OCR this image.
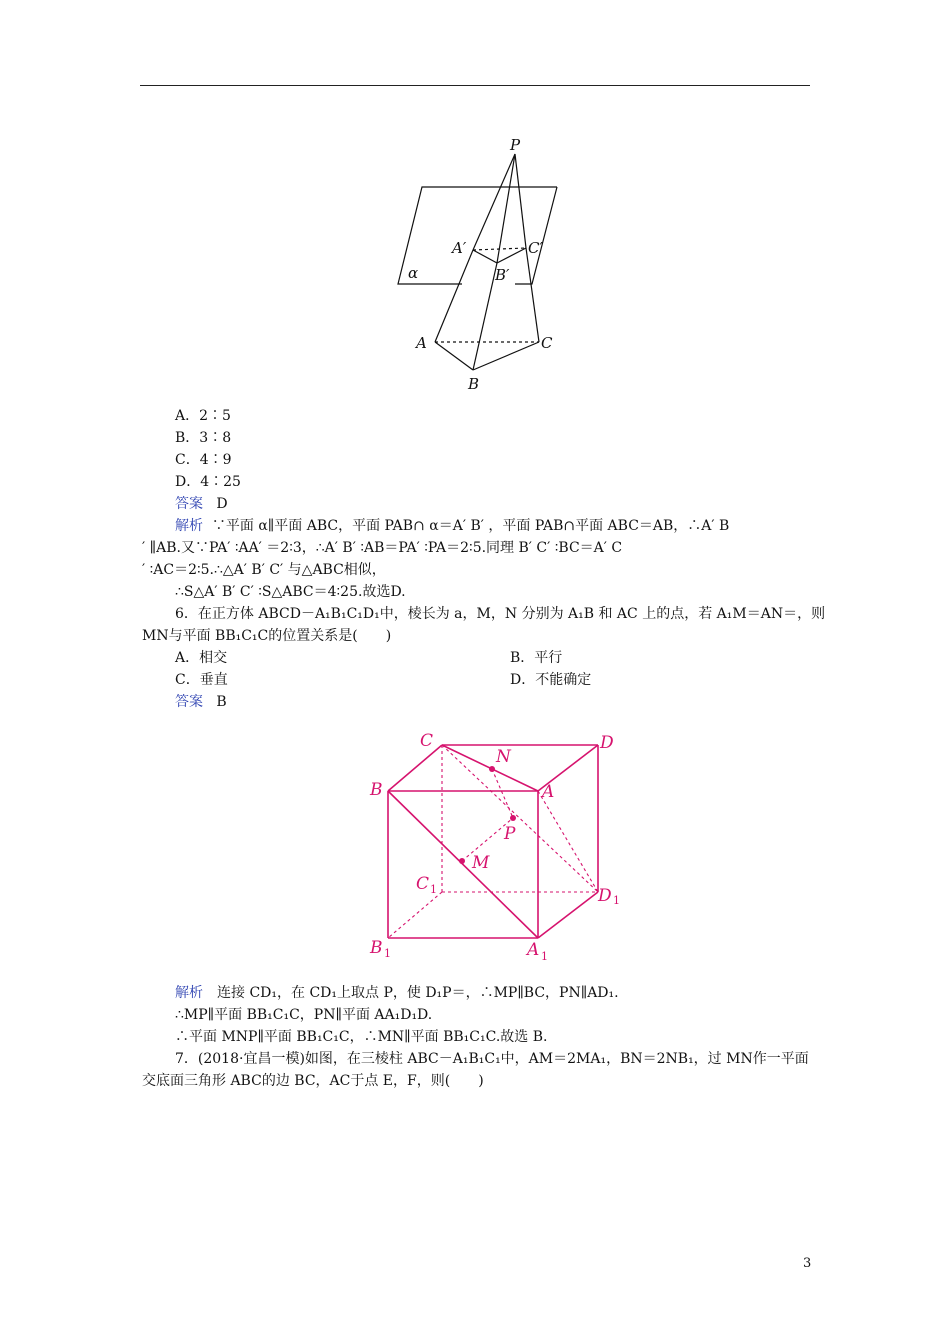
P
A′
B′
C′
α
A
B
C
A．2∶5
B．3∶8
C．4∶9
D．4∶25
答案 D
解析 ∵平面 α∥平面 ABC，平面 PAB∩ α＝A′ B′ ，平面 PAB∩平面 ABC＝AB，∴A′ B
′ ∥AB.又∵PA′ ∶AA′ ＝2∶3，∴A′ B′ ∶AB＝PA′ ∶PA＝2∶5.同理 B′ C′ ∶BC＝A′ C
′ ∶AC＝2∶5.∴△A′ B′ C′ 与△ABC相似，
∴S△A′ B′ C′ ∶S△ABC＝4∶25.故选D.
6．在正方体 ABCD－A₁B₁C₁D₁中，棱长为 a，M，N 分别为 A₁B 和 AC 上的点，若 A₁M＝AN＝，则
MN与平面 BB₁C₁C的位置关系是(　　)
A．相交	B．平行
C．垂直	D．不能确定
答案 B
C	D
N
B	A
P
M
C
D
B	A
1
1
1	1
解析　连接 CD₁，在 CD₁上取点 P，使 D₁P＝，∴MP∥BC，PN∥AD₁.
∴MP∥平面 BB₁C₁C，PN∥平面 AA₁D₁D.
∴平面 MNP∥平面 BB₁C₁C，∴MN∥平面 BB₁C₁C.故选 B.
7．(2018·宜昌一模)如图，在三棱柱 ABC－A₁B₁C₁中，AM＝2MA₁，BN＝2NB₁，过 MN作一平面
交底面三角形 ABC的边 BC，AC于点 E，F，则(　　)
3
